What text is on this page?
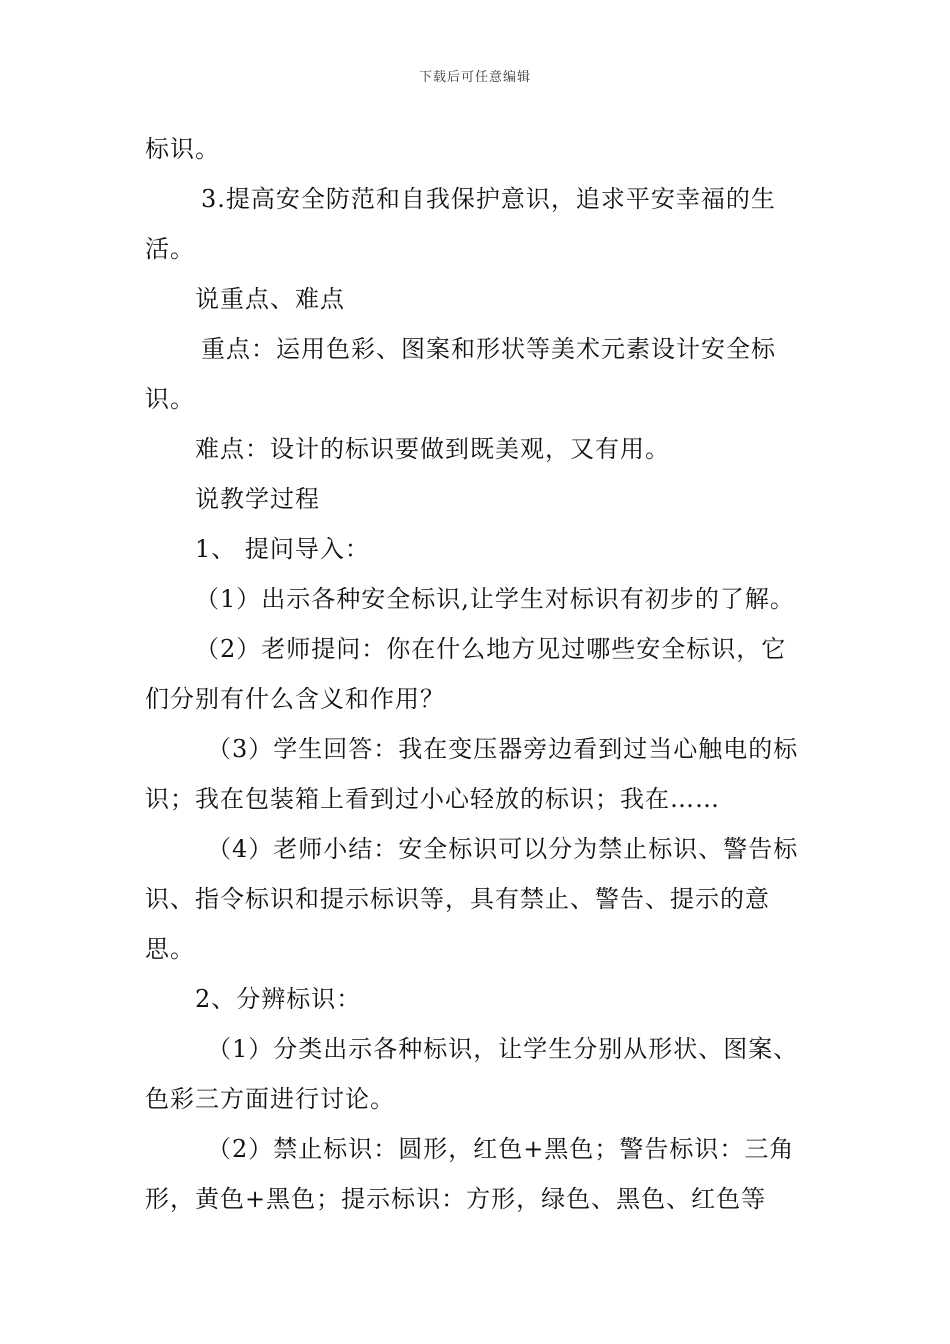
下载后可任意编辑
标识。
3.提高安全防范和自我保护意识，追求平安幸福的生
活。
说重点、难点
重点：运用色彩、图案和形状等美术元素设计安全标
识。
难点：设计的标识要做到既美观，又有用。
说教学过程
1、 提问导入：
（1）出示各种安全标识,让学生对标识有初步的了解。
（2）老师提问：你在什么地方见过哪些安全标识，它
们分别有什么含义和作用？
（3）学生回答：我在变压器旁边看到过当心触电的标
识；我在包装箱上看到过小心轻放的标识；我在……
（4）老师小结：安全标识可以分为禁止标识、警告标
识、指令标识和提示标识等，具有禁止、警告、提示的意
思。
2、分辨标识：
（1）分类出示各种标识，让学生分别从形状、图案、
色彩三方面进行讨论。
（2）禁止标识：圆形，红色+黑色；警告标识：三角
形，黄色+黑色；提示标识：方形，绿色、黑色、红色等
